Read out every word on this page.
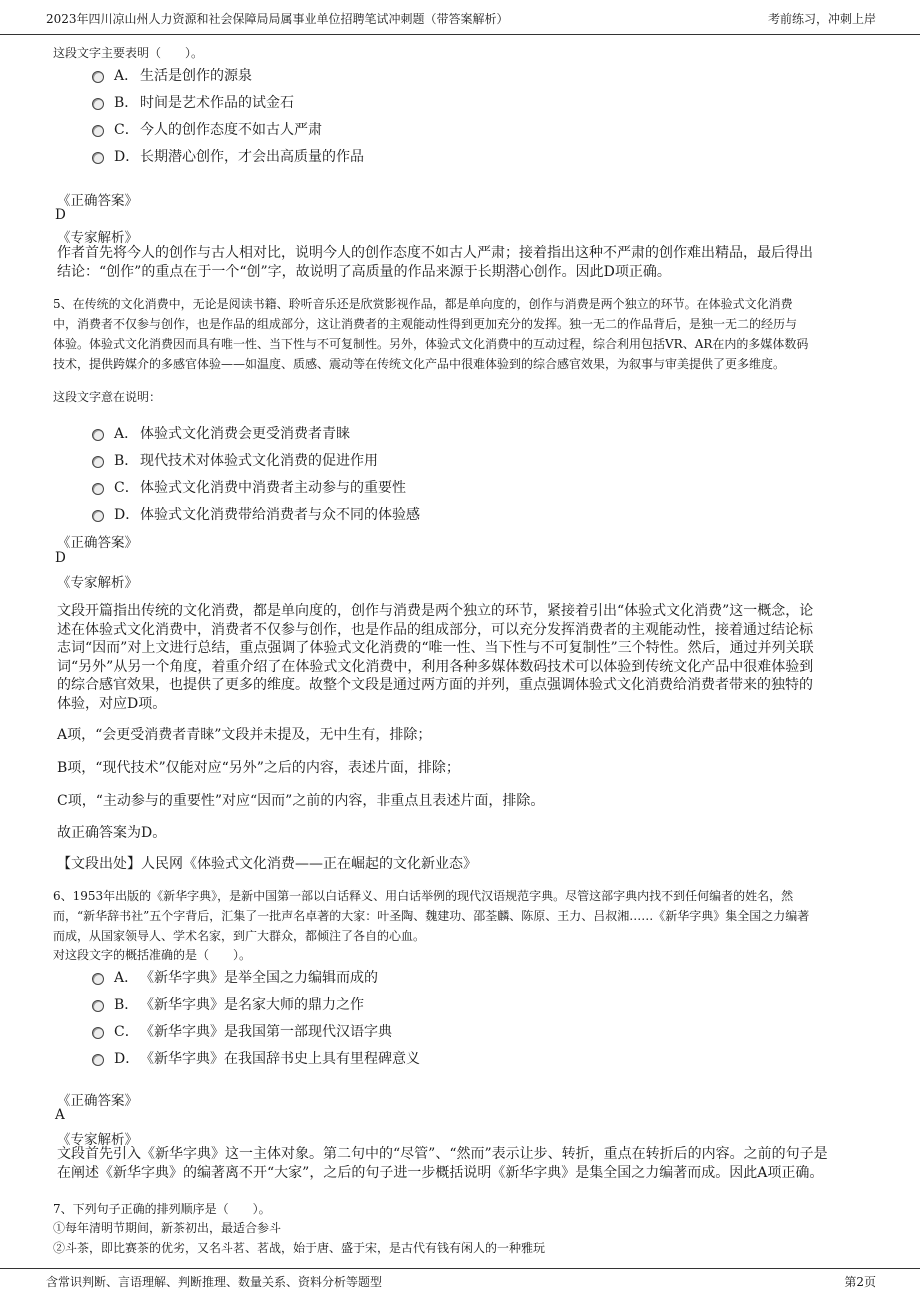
2023年四川凉山州人力资源和社会保障局局属事业单位招聘笔试冲刺题（带答案解析）	考前练习，冲刺上岸
这段文字主要表明（　　）。
A． 生活是创作的源泉
B． 时间是艺术作品的试金石
C．今人的创作态度不如古人严肃
D．长期潜心创作，才会出高质量的作品
《正确答案》
D
《专家解析》
作者首先将今人的创作与古人相对比，说明今人的创作态度不如古人严肃；接着指出这种不严肃的创作难出精品，最后得出
结论：“创作”的重点在于一个“创”字，故说明了高质量的作品来源于长期潜心创作。因此D项正确。
5、在传统的文化消费中，无论是阅读书籍、聆听音乐还是欣赏影视作品，都是单向度的，创作与消费是两个独立的环节。在体验式文化消费
中，消费者不仅参与创作，也是作品的组成部分，这让消费者的主观能动性得到更加充分的发挥。独一无二的作品背后，是独一无二的经历与
体验。体验式文化消费因而具有唯一性、当下性与不可复制性。另外，体验式文化消费中的互动过程，综合利用包括VR、AR在内的多媒体数码
技术，提供跨媒介的多感官体验——如温度、质感、震动等在传统文化产品中很难体验到的综合感官效果，为叙事与审美提供了更多维度。
这段文字意在说明：
A． 体验式文化消费会更受消费者青睐
B． 现代技术对体验式文化消费的促进作用
C．体验式文化消费中消费者主动参与的重要性
D．体验式文化消费带给消费者与众不同的体验感
《正确答案》
D
《专家解析》
文段开篇指出传统的文化消费，都是单向度的，创作与消费是两个独立的环节，紧接着引出“体验式文化消费”这一概念，论
述在体验式文化消费中，消费者不仅参与创作，也是作品的组成部分，可以充分发挥消费者的主观能动性，接着通过结论标
志词“因而”对上文进行总结，重点强调了体验式文化消费的“唯一性、当下性与不可复制性”三个特性。然后，通过并列关联
词“另外”从另一个角度，着重介绍了在体验式文化消费中，利用各种多媒体数码技术可以体验到传统文化产品中很难体验到
的综合感官效果，也提供了更多的维度。故整个文段是通过两方面的并列，重点强调体验式文化消费给消费者带来的独特的
体验，对应D项。
A项，“会更受消费者青睐”文段并未提及，无中生有，排除；
B项，“现代技术”仅能对应“另外”之后的内容，表述片面，排除；
C项，“主动参与的重要性”对应“因而”之前的内容，非重点且表述片面，排除。
故正确答案为D。
【文段出处】人民网《体验式文化消费——正在崛起的文化新业态》
6、1953年出版的《新华字典》，是新中国第一部以白话释义、用白话举例的现代汉语规范字典。尽管这部字典内找不到任何编者的姓名，然
而，“新华辞书社”五个字背后，汇集了一批声名卓著的大家：叶圣陶、魏建功、邵荃麟、陈原、王力、吕叔湘……《新华字典》集全国之力编著
而成，从国家领导人、学术名家，到广大群众，都倾注了各自的心血。
对这段文字的概括准确的是（　　）。
A． 《新华字典》是举全国之力编辑而成的
B． 《新华字典》是名家大师的鼎力之作
C．《新华字典》是我国第一部现代汉语字典
D．《新华字典》在我国辞书史上具有里程碑意义
《正确答案》
A
《专家解析》
文段首先引入《新华字典》这一主体对象。第二句中的“尽管”、“然而”表示让步、转折，重点在转折后的内容。之前的句子是
在阐述《新华字典》的编著离不开“大家”，之后的句子进一步概括说明《新华字典》是集全国之力编著而成。因此A项正确。
7、下列句子正确的排列顺序是（　　）。
①每年清明节期间，新茶初出，最适合参斗
②斗茶，即比赛茶的优劣，又名斗茗、茗战，始于唐、盛于宋，是古代有钱有闲人的一种雅玩
含常识判断、言语理解、判断推理、数量关系、资料分析等题型	第2页
